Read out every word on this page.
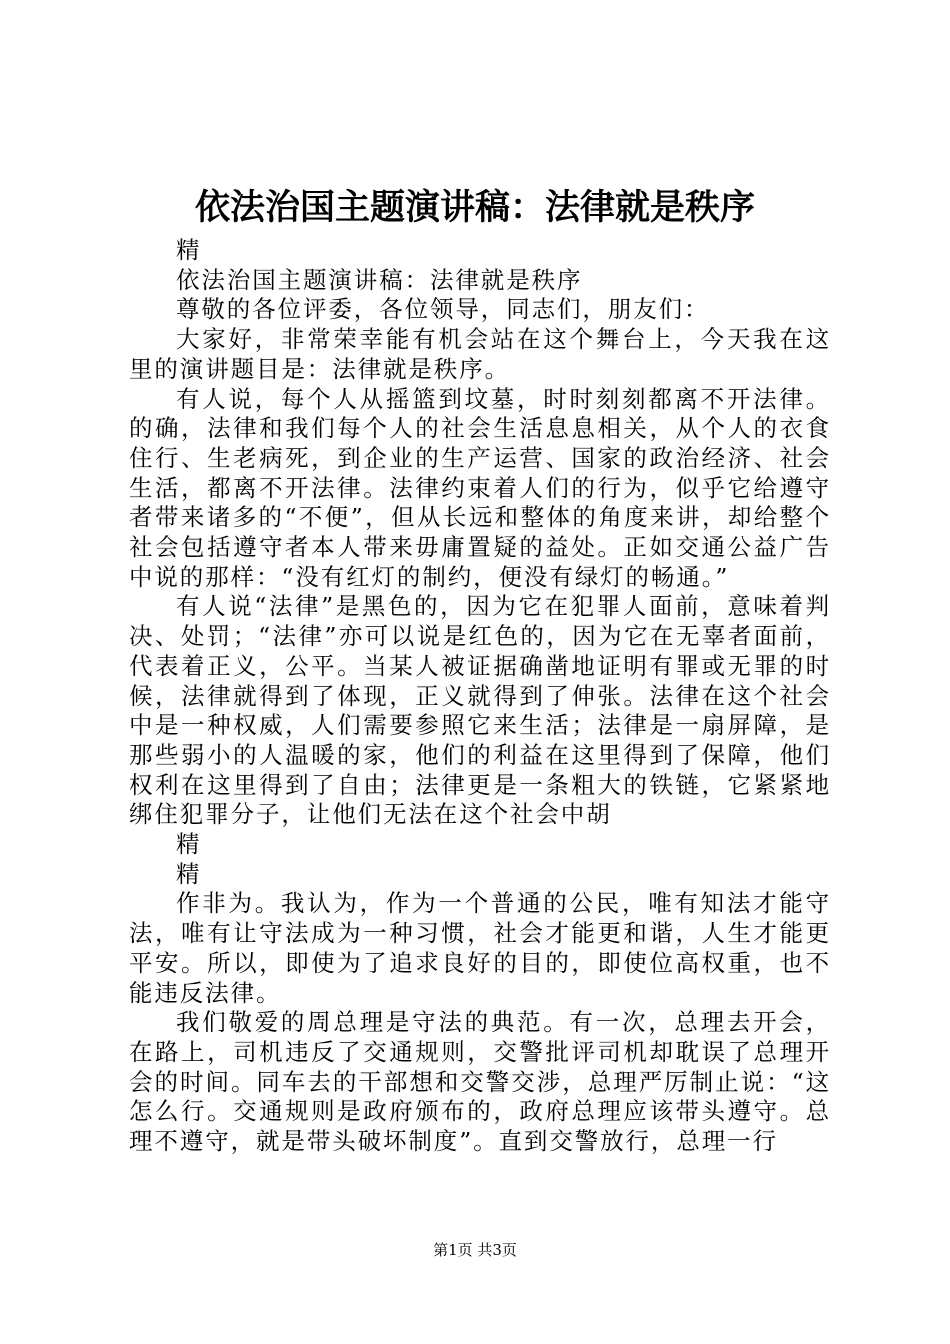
依法治国主题演讲稿：法律就是秩序

精

依法治国主题演讲稿：法律就是秩序

尊敬的各位评委，各位领导，同志们，朋友们：

大家好，非常荣幸能有机会站在这个舞台上，今天我在这里的演讲题目是：法律就是秩序。

有人说，每个人从摇篮到坟墓，时时刻刻都离不开法律。的确，法律和我们每个人的社会生活息息相关，从个人的衣食住行、生老病死，到企业的生产运营、国家的政治经济、社会生活，都离不开法律。法律约束着人们的行为，似乎它给遵守者带来诸多的“不便”，但从长远和整体的角度来讲，却给整个社会包括遵守者本人带来毋庸置疑的益处。正如交通公益广告中说的那样：“没有红灯的制约，便没有绿灯的畅通。”

有人说“法律”是黑色的，因为它在犯罪人面前，意味着判决、处罚；“法律”亦可以说是红色的，因为它在无辜者面前，代表着正义，公平。当某人被证据确凿地证明有罪或无罪的时候，法律就得到了体现，正义就得到了伸张。法律在这个社会中是一种权威，人们需要参照它来生活；法律是一扇屏障，是那些弱小的人温暖的家，他们的利益在这里得到了保障，他们权利在这里得到了自由；法律更是一条粗大的铁链，它紧紧地绑住犯罪分子，让他们无法在这个社会中胡

精

精

作非为。我认为，作为一个普通的公民，唯有知法才能守法，唯有让守法成为一种习惯，社会才能更和谐，人生才能更平安。所以，即使为了追求良好的目的，即使位高权重，也不能违反法律。

我们敬爱的周总理是守法的典范。有一次，总理去开会，在路上，司机违反了交通规则，交警批评司机却耽误了总理开会的时间。同车去的干部想和交警交涉，总理严厉制止说：“这怎么行。交通规则是政府颁布的，政府总理应该带头遵守。总理不遵守，就是带头破坏制度”。直到交警放行，总理一行

第1页 共3页
